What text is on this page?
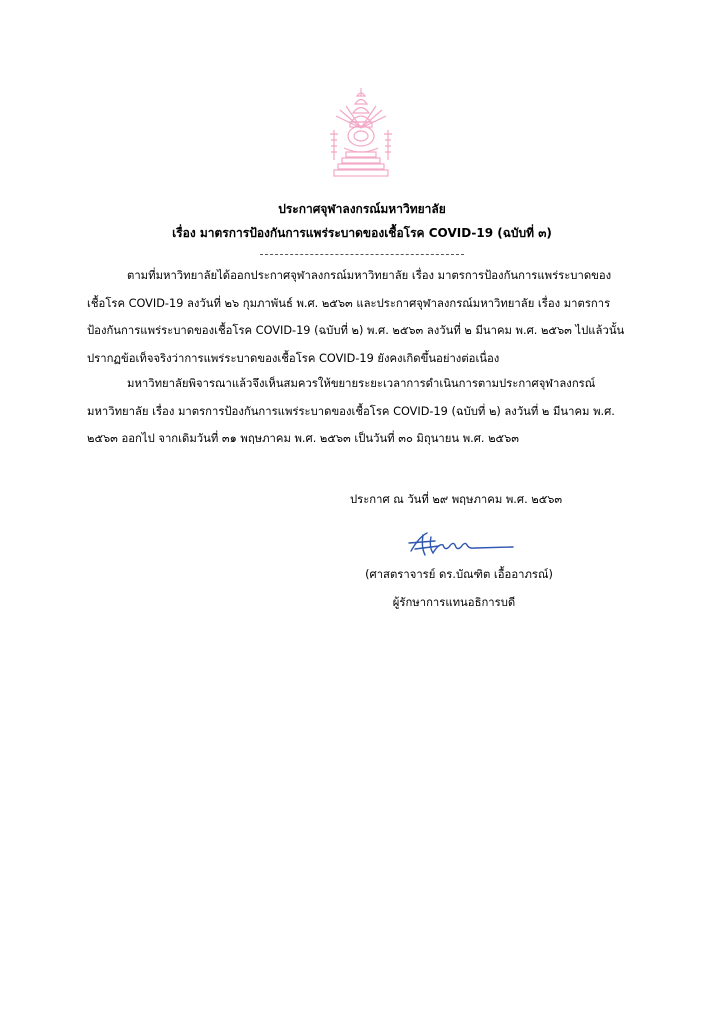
ประกาศจุฬาลงกรณ์มหาวิทยาลัย
เรื่อง มาตรการป้องกันการแพร่ระบาดของเชื้อโรค COVID-19 (ฉบับที่ ๓)
ตามที่มหาวิทยาลัยได้ออกประกาศจุฬาลงกรณ์มหาวิทยาลัย เรื่อง มาตรการป้องกันการแพร่ระบาดของ
เชื้อโรค COVID-19 ลงวันที่ ๒๖ กุมภาพันธ์ พ.ศ. ๒๕๖๓ และประกาศจุฬาลงกรณ์มหาวิทยาลัย เรื่อง มาตรการ
ป้องกันการแพร่ระบาดของเชื้อโรค COVID-19 (ฉบับที่ ๒) พ.ศ. ๒๕๖๓ ลงวันที่ ๒ มีนาคม พ.ศ. ๒๕๖๓ ไปแล้วนั้น
ปรากฏข้อเท็จจริงว่าการแพร่ระบาดของเชื้อโรค COVID-19 ยังคงเกิดขึ้นอย่างต่อเนื่อง
มหาวิทยาลัยพิจารณาแล้วจึงเห็นสมควรให้ขยายระยะเวลาการดำเนินการตามประกาศจุฬาลงกรณ์
มหาวิทยาลัย เรื่อง มาตรการป้องกันการแพร่ระบาดของเชื้อโรค COVID-19 (ฉบับที่ ๒) ลงวันที่ ๒ มีนาคม พ.ศ.
๒๕๖๓ ออกไป จากเดิมวันที่ ๓๑ พฤษภาคม พ.ศ. ๒๕๖๓ เป็นวันที่ ๓๐ มิถุนายน พ.ศ. ๒๕๖๓
ประกาศ ณ วันที่ ๒๙ พฤษภาคม พ.ศ. ๒๕๖๓
(ศาสตราจารย์ ดร.บัณฑิต เอื้ออาภรณ์)
ผู้รักษาการแทนอธิการบดี
